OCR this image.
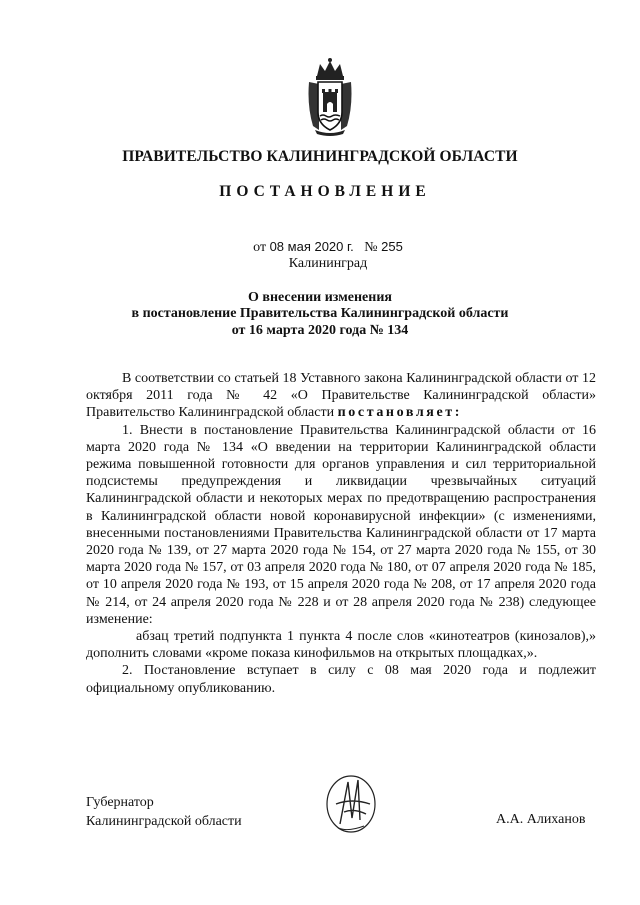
ПРАВИТЕЛЬСТВО КАЛИНИНГРАДСКОЙ ОБЛАСТИ
ПОСТАНОВЛЕНИЕ
от 08 мая 2020 г. № 255
Калининград
О внесении изменения
в постановление Правительства Калининградской области
от 16 марта 2020 года № 134

В соответствии со статьей 18 Уставного закона Калининградской области от 12 октября 2011 года № 42 «О Правительстве Калининградской области» Правительство Калининградской области постановляет:

1. Внести в постановление Правительства Калининградской области от 16 марта 2020 года № 134 «О введении на территории Калининградской области режима повышенной готовности для органов управления и сил территориальной подсистемы предупреждения и ликвидации чрезвычайных ситуаций Калининградской области и некоторых мерах по предотвращению распространения в Калининградской области новой коронавирусной инфекции» (с изменениями, внесенными постановлениями Правительства Калининградской области от 17 марта 2020 года № 139, от 27 марта 2020 года № 154, от 27 марта 2020 года № 155, от 30 марта 2020 года № 157, от 03 апреля 2020 года № 180, от 07 апреля 2020 года № 185, от 10 апреля 2020 года № 193, от 15 апреля 2020 года № 208, от 17 апреля 2020 года № 214, от 24 апреля 2020 года № 228 и от 28 апреля 2020 года № 238) следующее изменение:

абзац третий подпункта 1 пункта 4 после слов «кинотеатров (кинозалов),» дополнить словами «кроме показа кинофильмов на открытых площадках,».

2. Постановление вступает в силу с 08 мая 2020 года и подлежит официальному опубликованию.

Губернатор
Калининградской области	А.А. Алиханов
